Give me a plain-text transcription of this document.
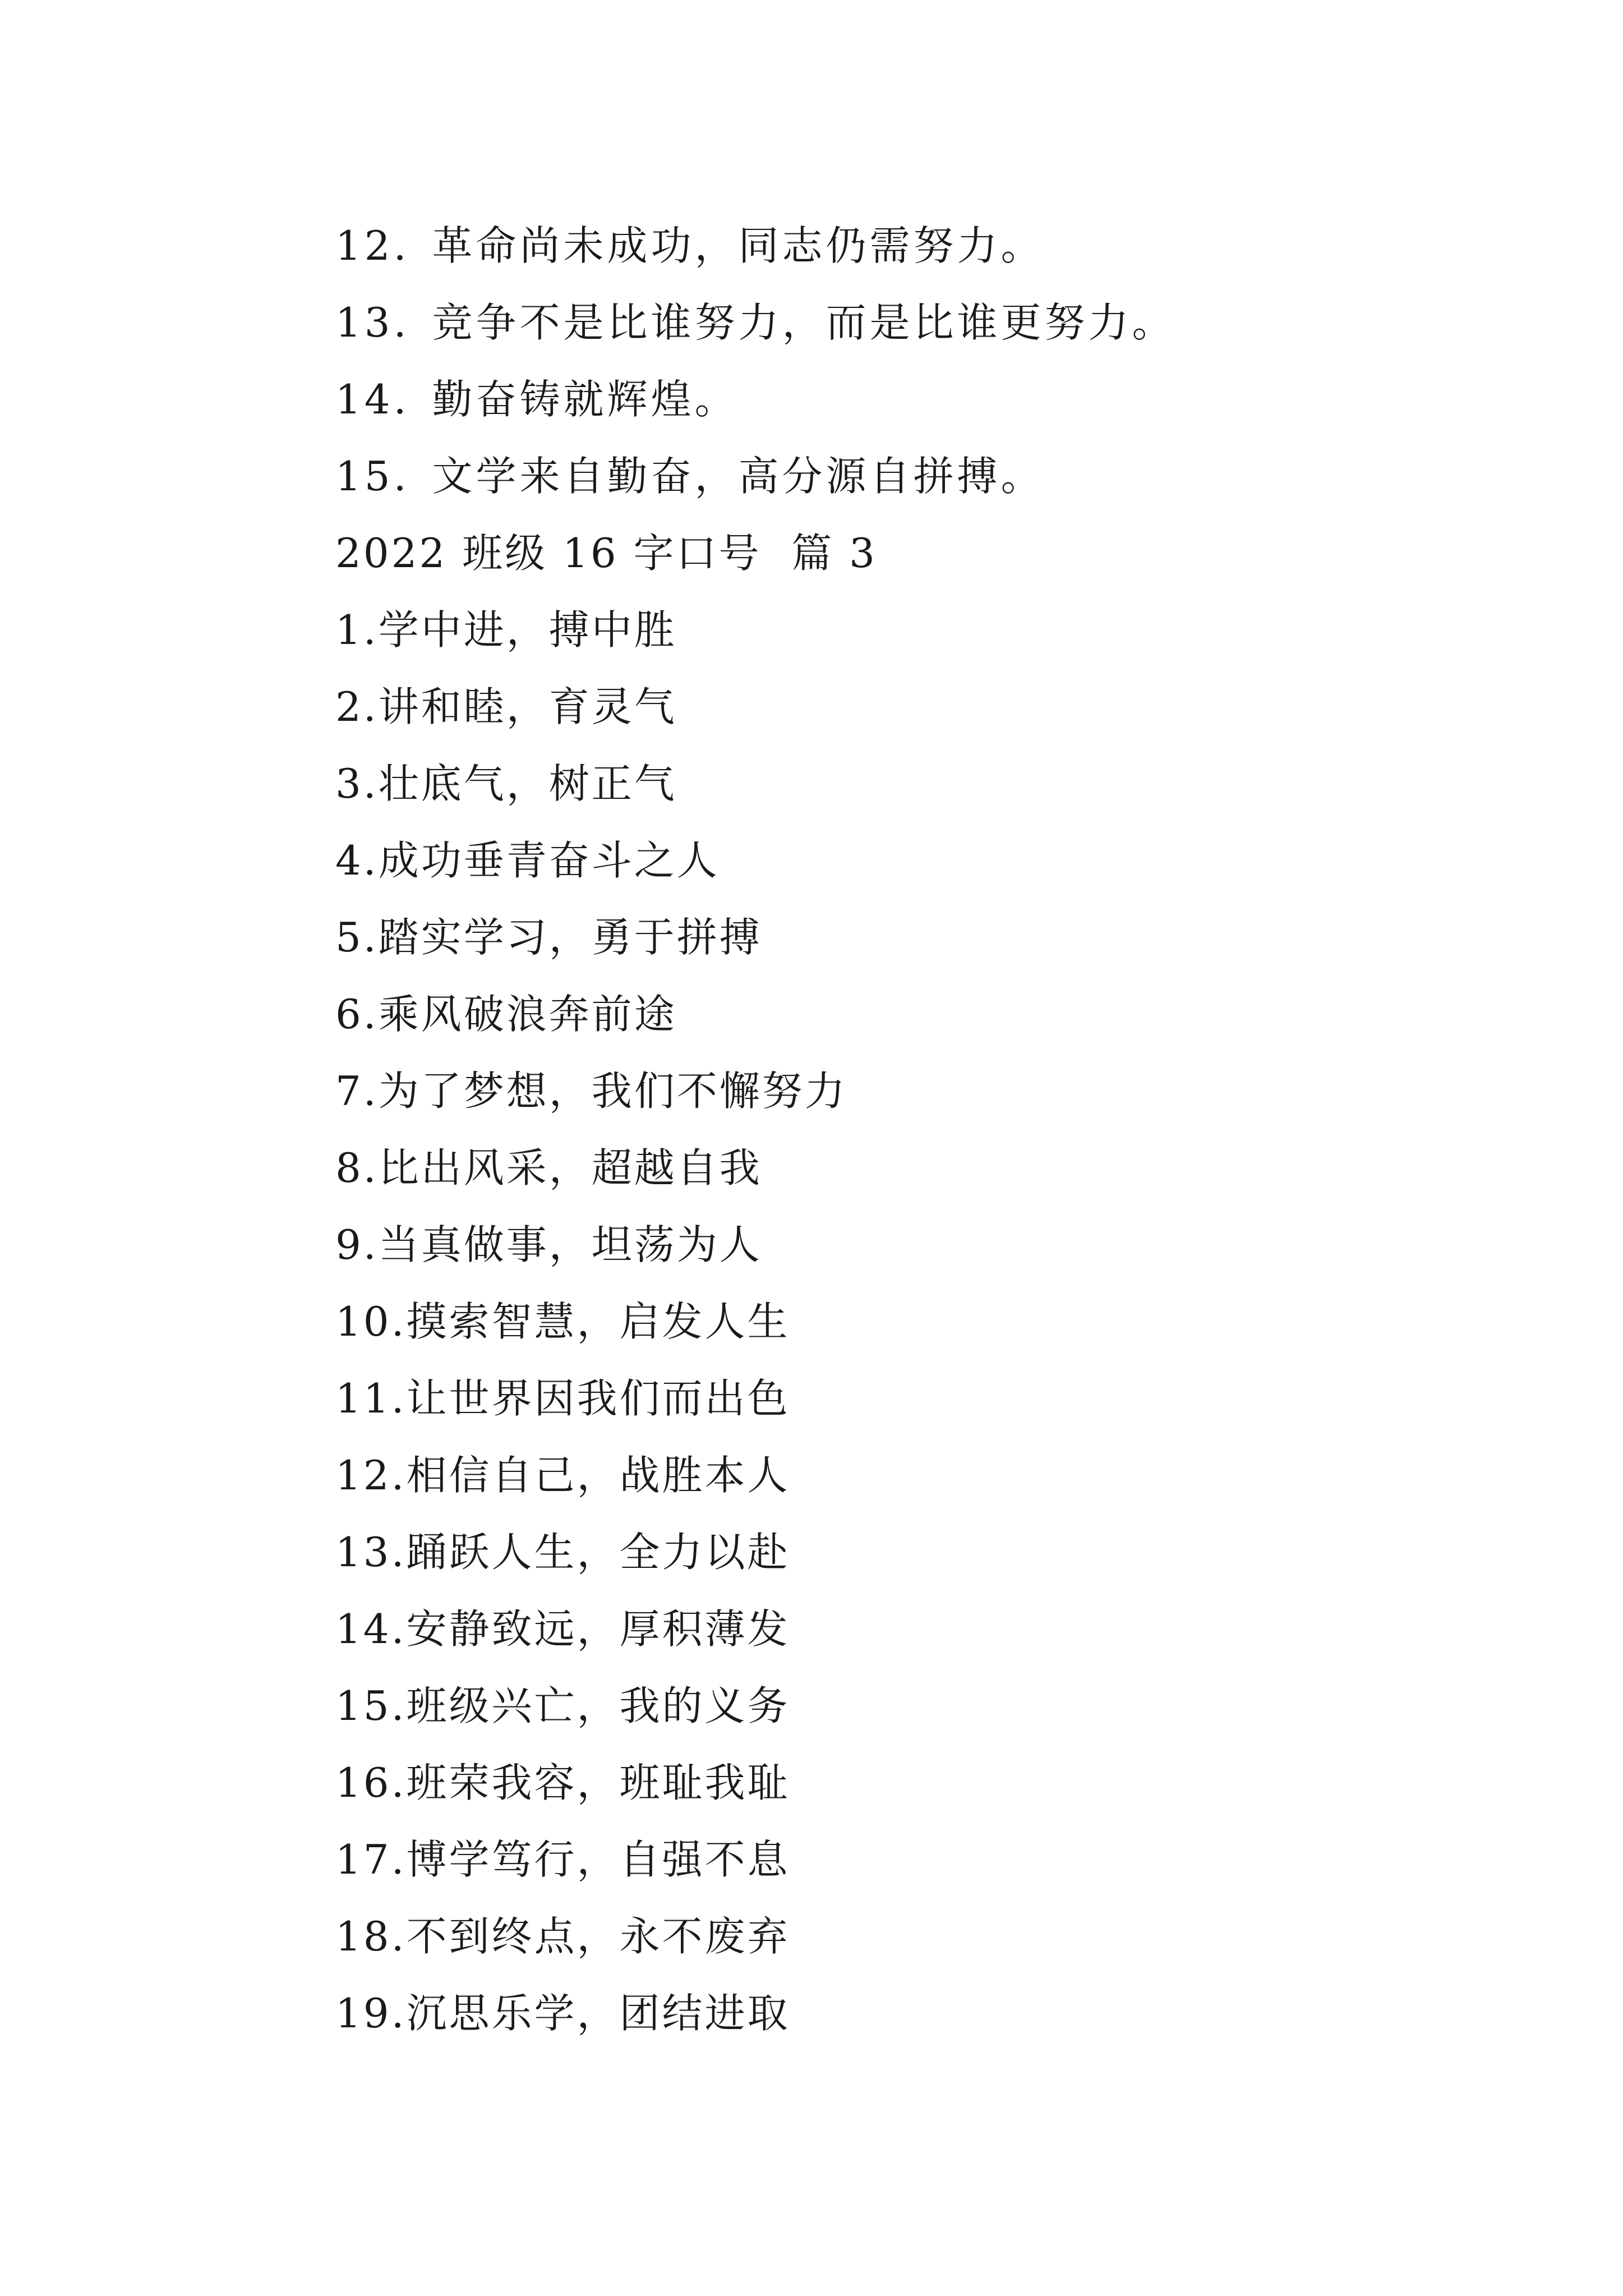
12. 革命尚未成功，同志仍需努力。
13. 竞争不是比谁努力，而是比谁更努力。
14. 勤奋铸就辉煌。
15. 文学来自勤奋，高分源自拼搏。
2022 班级 16 字口号  篇 3
1.学中进，搏中胜
2.讲和睦，育灵气
3.壮底气，树正气
4.成功垂青奋斗之人
5.踏实学习，勇于拼搏
6.乘风破浪奔前途
7.为了梦想，我们不懈努力
8.比出风采，超越自我
9.当真做事，坦荡为人
10.摸索智慧，启发人生
11.让世界因我们而出色
12.相信自己，战胜本人
13.踊跃人生，全力以赴
14.安静致远，厚积薄发
15.班级兴亡，我的义务
16.班荣我容，班耻我耻
17.博学笃行，自强不息
18.不到终点，永不废弃
19.沉思乐学，团结进取
